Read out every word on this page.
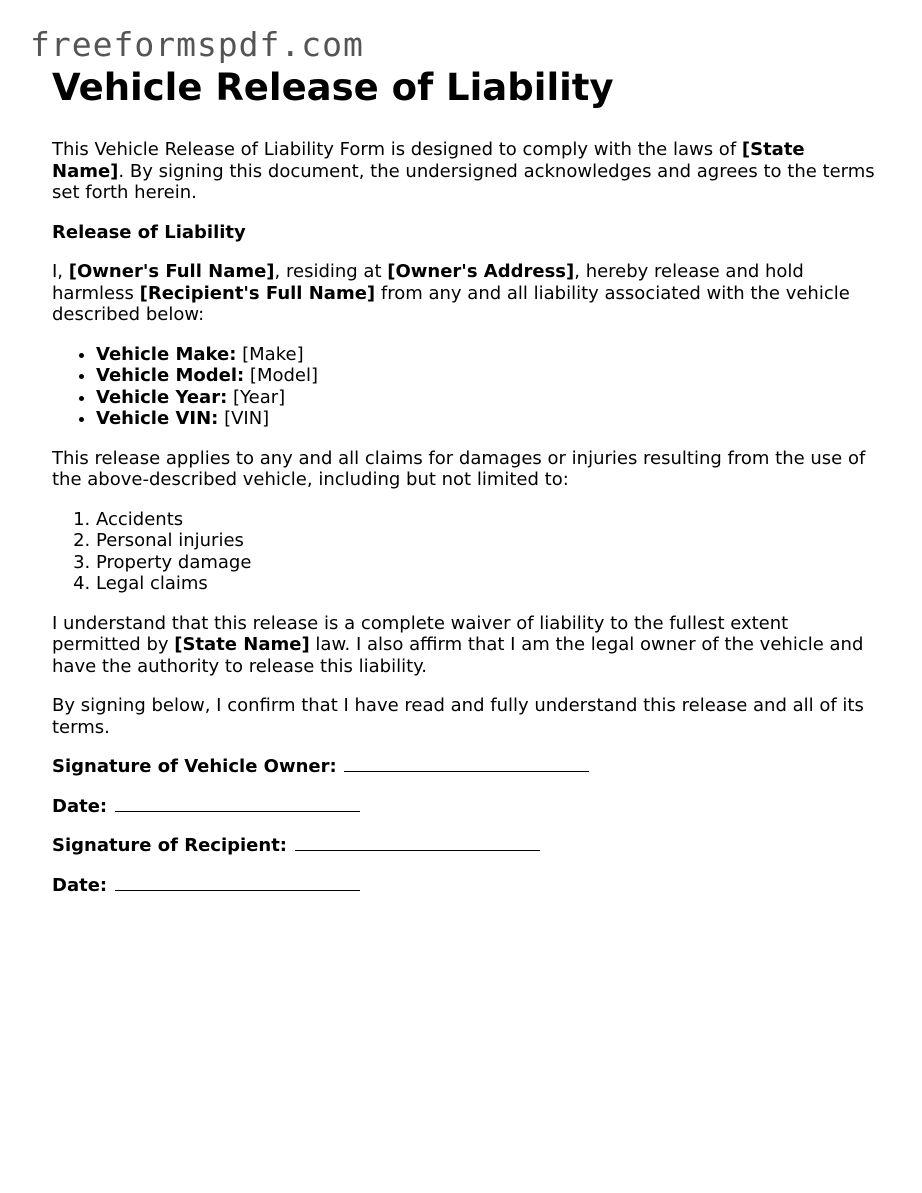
freeformspdf.com
Vehicle Release of Liability

This Vehicle Release of Liability Form is designed to comply with the laws of [State Name]. By signing this document, the undersigned acknowledges and agrees to the terms set forth herein.

Release of Liability

I, [Owner's Full Name], residing at [Owner's Address], hereby release and hold harmless [Recipient's Full Name] from any and all liability associated with the vehicle described below:

• Vehicle Make: [Make]
• Vehicle Model: [Model]
• Vehicle Year: [Year]
• Vehicle VIN: [VIN]

This release applies to any and all claims for damages or injuries resulting from the use of the above-described vehicle, including but not limited to:

1. Accidents
2. Personal injuries
3. Property damage
4. Legal claims

I understand that this release is a complete waiver of liability to the fullest extent permitted by [State Name] law. I also affirm that I am the legal owner of the vehicle and have the authority to release this liability.

By signing below, I confirm that I have read and fully understand this release and all of its terms.

Signature of Vehicle Owner:

Date:

Signature of Recipient:

Date:
